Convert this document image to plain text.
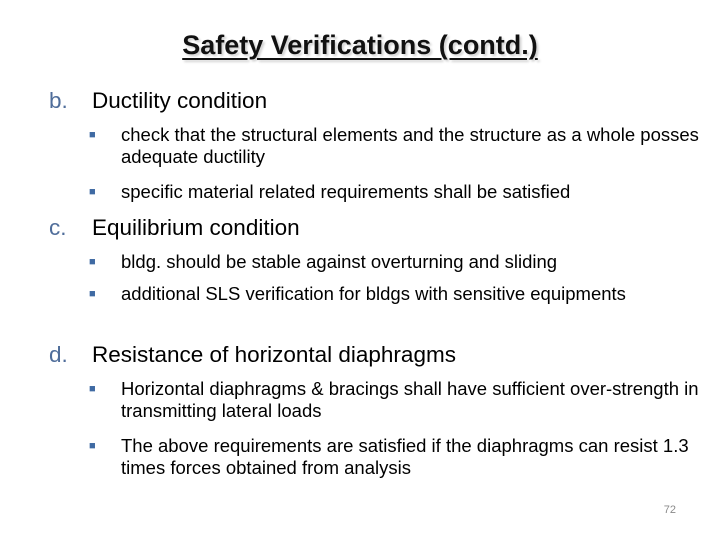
Safety Verifications (contd.)
b. Ductility condition
■	check that the structural elements and the structure as a whole posses adequate ductility
■	specific material related requirements shall be satisfied
c. Equilibrium condition
■	bldg. should be stable against overturning and sliding
■	additional SLS verification for bldgs with sensitive equipments
d. Resistance of horizontal diaphragms
■	Horizontal diaphragms & bracings shall have sufficient over-strength in transmitting lateral loads
■	The above requirements are satisfied if the diaphragms can resist 1.3 times forces obtained from analysis
72
